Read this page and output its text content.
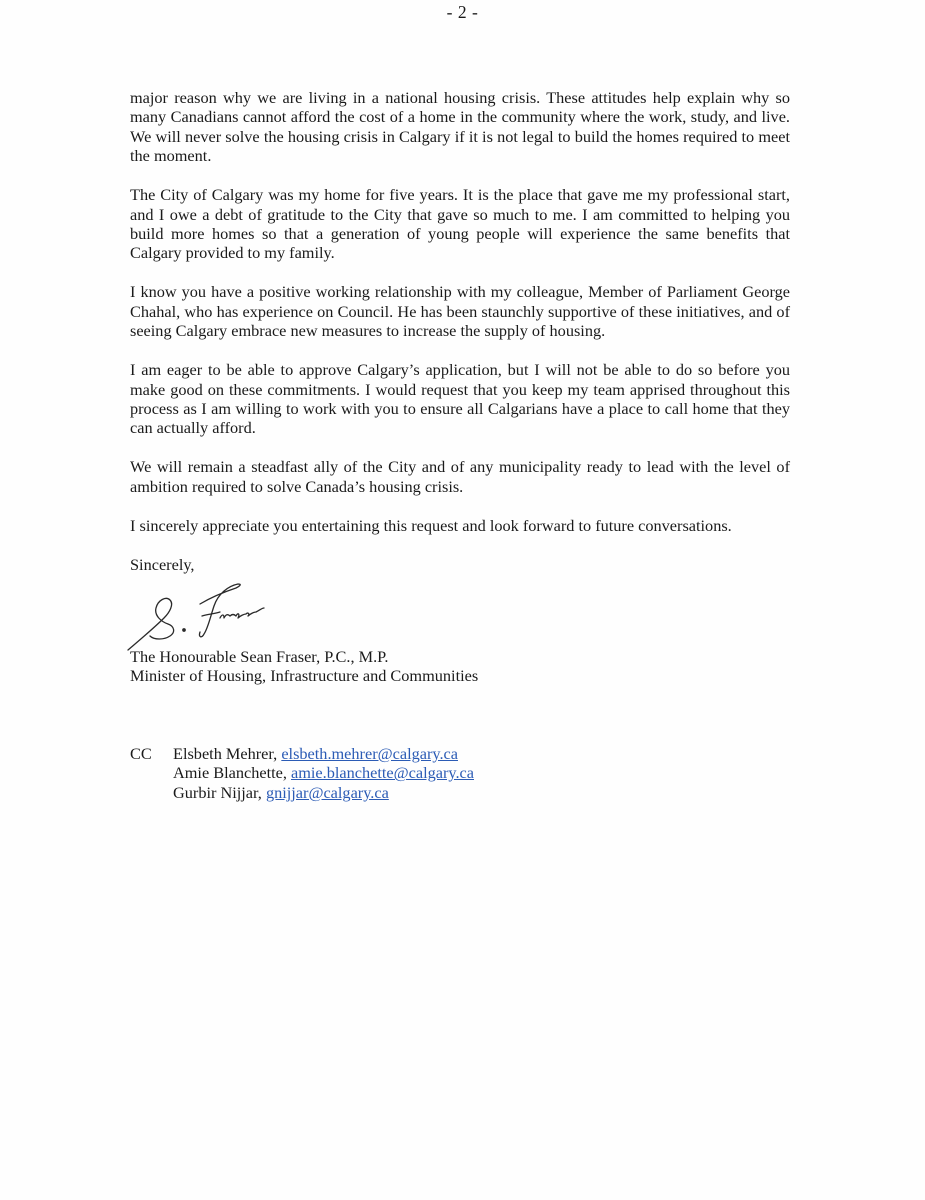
- 2 -

major reason why we are living in a national housing crisis. These attitudes help explain why so many Canadians cannot afford the cost of a home in the community where the work, study, and live. We will never solve the housing crisis in Calgary if it is not legal to build the homes required to meet the moment.

The City of Calgary was my home for five years. It is the place that gave me my professional start, and I owe a debt of gratitude to the City that gave so much to me. I am committed to helping you build more homes so that a generation of young people will experience the same benefits that Calgary provided to my family.

I know you have a positive working relationship with my colleague, Member of Parliament George Chahal, who has experience on Council. He has been staunchly supportive of these initiatives, and of seeing Calgary embrace new measures to increase the supply of housing.

I am eager to be able to approve Calgary’s application, but I will not be able to do so before you make good on these commitments. I would request that you keep my team apprised throughout this process as I am willing to work with you to ensure all Calgarians have a place to call home that they can actually afford.

We will remain a steadfast ally of the City and of any municipality ready to lead with the level of ambition required to solve Canada’s housing crisis.

I sincerely appreciate you entertaining this request and look forward to future conversations.

Sincerely,

The Honourable Sean Fraser, P.C., M.P.
Minister of Housing, Infrastructure and Communities
CC Elsbeth Mehrer, elsbeth.mehrer@calgary.ca
Amie Blanchette, amie.blanchette@calgary.ca
Gurbir Nijjar, gnijjar@calgary.ca
